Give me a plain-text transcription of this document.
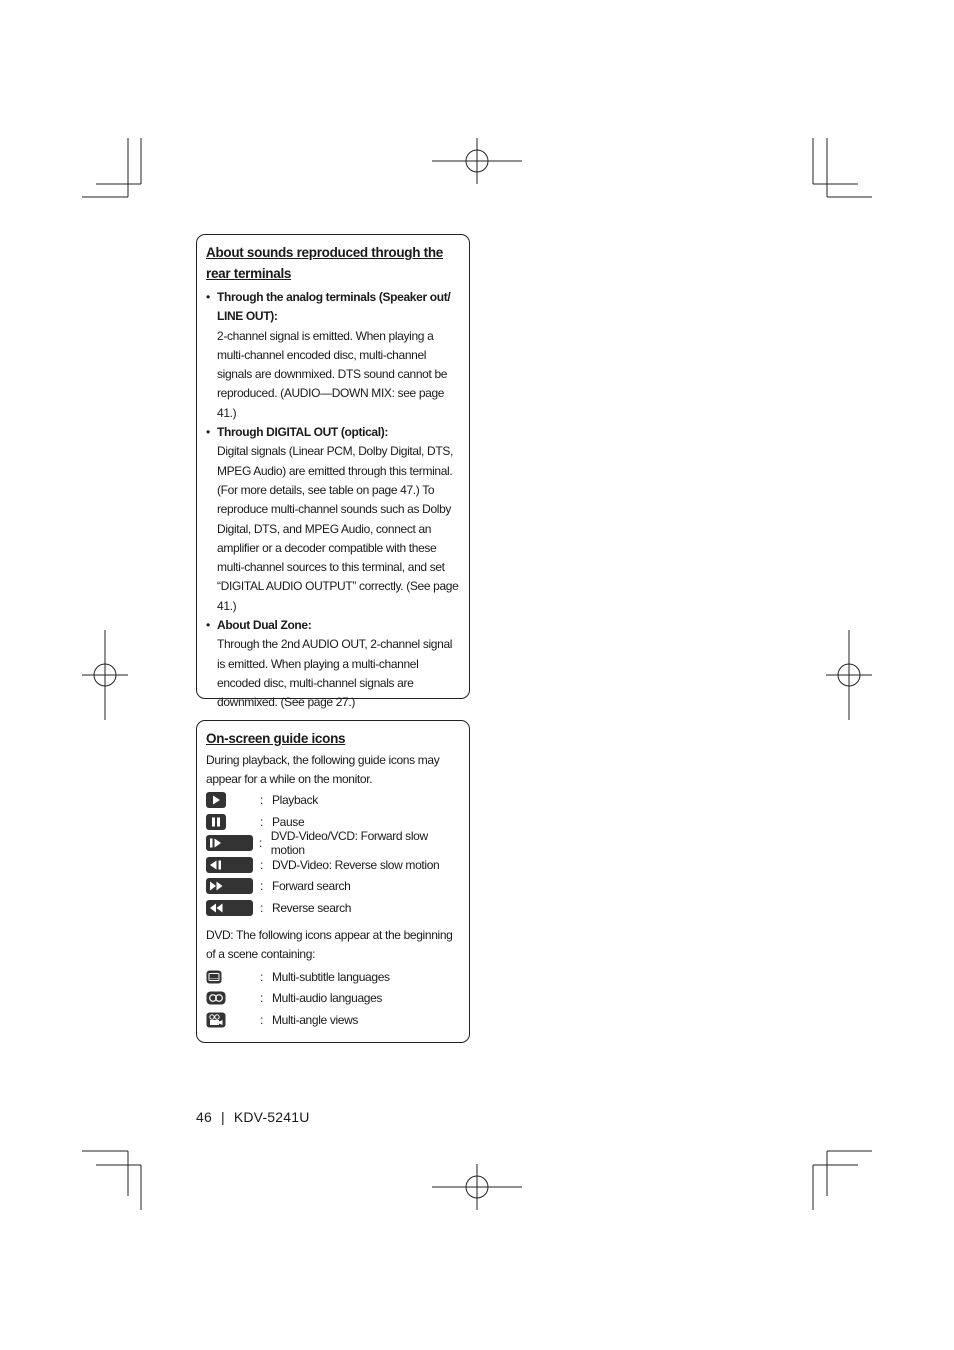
About sounds reproduced through the rear terminals
• Through the analog terminals (Speaker out/ LINE OUT):
2-channel signal is emitted. When playing a multi-channel encoded disc, multi-channel signals are downmixed. DTS sound cannot be reproduced. (AUDIO—DOWN MIX: see page 41.)
• Through DIGITAL OUT (optical):
Digital signals (Linear PCM, Dolby Digital, DTS, MPEG Audio) are emitted through this terminal. (For more details, see table on page 47.) To reproduce multi-channel sounds such as Dolby Digital, DTS, and MPEG Audio, connect an amplifier or a decoder compatible with these multi-channel sources to this terminal, and set “DIGITAL AUDIO OUTPUT” correctly. (See page 41.)
• About Dual Zone:
Through the 2nd AUDIO OUT, 2-channel signal is emitted. When playing a multi-channel encoded disc, multi-channel signals are downmixed. (See page 27.)
On-screen guide icons
During playback, the following guide icons may appear for a while on the monitor.
: Playback
: Pause
: DVD-Video/VCD: Forward slow motion
: DVD-Video: Reverse slow motion
: Forward search
: Reverse search
DVD: The following icons appear at the beginning of a scene containing:
: Multi-subtitle languages
: Multi-audio languages
: Multi-angle views
46 | KDV-5241U
